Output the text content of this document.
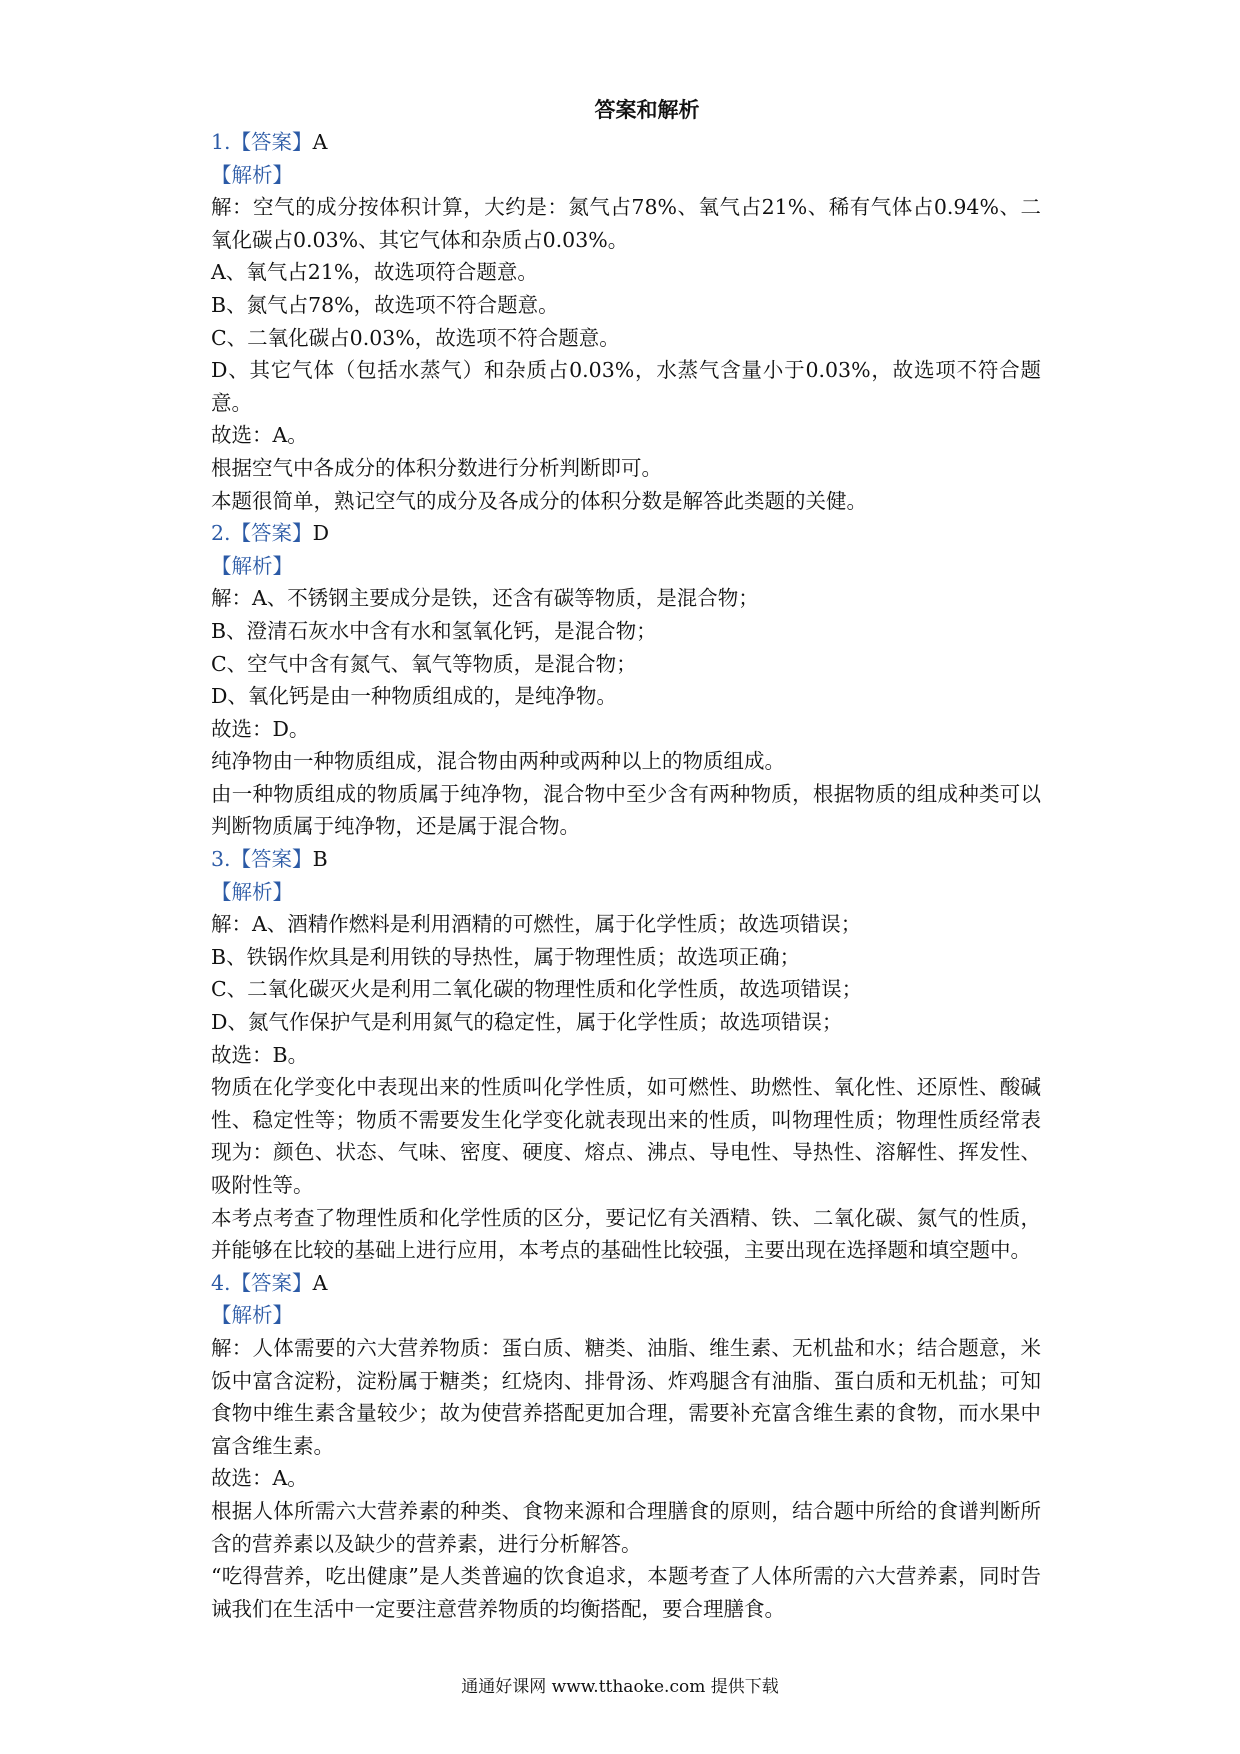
答案和解析

1.【答案】A

【解析】

解：空气的成分按体积计算，大约是：氮气占78%、氧气占21%、稀有气体占0.94%、二氧化碳占0.03%、其它气体和杂质占0.03%。

A、氧气占21%，故选项符合题意。

B、氮气占78%，故选项不符合题意。

C、二氧化碳占0.03%，故选项不符合题意。

D、其它气体（包括水蒸气）和杂质占0.03%，水蒸气含量小于0.03%，故选项不符合题意。

故选：A。

根据空气中各成分的体积分数进行分析判断即可。

本题很简单，熟记空气的成分及各成分的体积分数是解答此类题的关健。

2.【答案】D

【解析】

解：A、不锈钢主要成分是铁，还含有碳等物质，是混合物；

B、澄清石灰水中含有水和氢氧化钙，是混合物；

C、空气中含有氮气、氧气等物质，是混合物；

D、氧化钙是由一种物质组成的，是纯净物。

故选：D。

纯净物由一种物质组成，混合物由两种或两种以上的物质组成。

由一种物质组成的物质属于纯净物，混合物中至少含有两种物质，根据物质的组成种类可以判断物质属于纯净物，还是属于混合物。

3.【答案】B

【解析】

解：A、酒精作燃料是利用酒精的可燃性，属于化学性质；故选项错误；

B、铁锅作炊具是利用铁的导热性，属于物理性质；故选项正确；

C、二氧化碳灭火是利用二氧化碳的物理性质和化学性质，故选项错误；

D、氮气作保护气是利用氮气的稳定性，属于化学性质；故选项错误；

故选：B。

物质在化学变化中表现出来的性质叫化学性质，如可燃性、助燃性、氧化性、还原性、酸碱性、稳定性等；物质不需要发生化学变化就表现出来的性质，叫物理性质；物理性质经常表现为：颜色、状态、气味、密度、硬度、熔点、沸点、导电性、导热性、溶解性、挥发性、吸附性等。

本考点考查了物理性质和化学性质的区分，要记忆有关酒精、铁、二氧化碳、氮气的性质，并能够在比较的基础上进行应用，本考点的基础性比较强，主要出现在选择题和填空题中。

4.【答案】A

【解析】

解：人体需要的六大营养物质：蛋白质、糖类、油脂、维生素、无机盐和水；结合题意，米饭中富含淀粉，淀粉属于糖类；红烧肉、排骨汤、炸鸡腿含有油脂、蛋白质和无机盐；可知食物中维生素含量较少；故为使营养搭配更加合理，需要补充富含维生素的食物，而水果中富含维生素。

故选：A。

根据人体所需六大营养素的种类、食物来源和合理膳食的原则，结合题中所给的食谱判断所含的营养素以及缺少的营养素，进行分析解答。

“吃得营养，吃出健康”是人类普遍的饮食追求，本题考查了人体所需的六大营养素，同时告诫我们在生活中一定要注意营养物质的均衡搭配，要合理膳食。

通通好课网 www.tthaoke.com 提供下载
